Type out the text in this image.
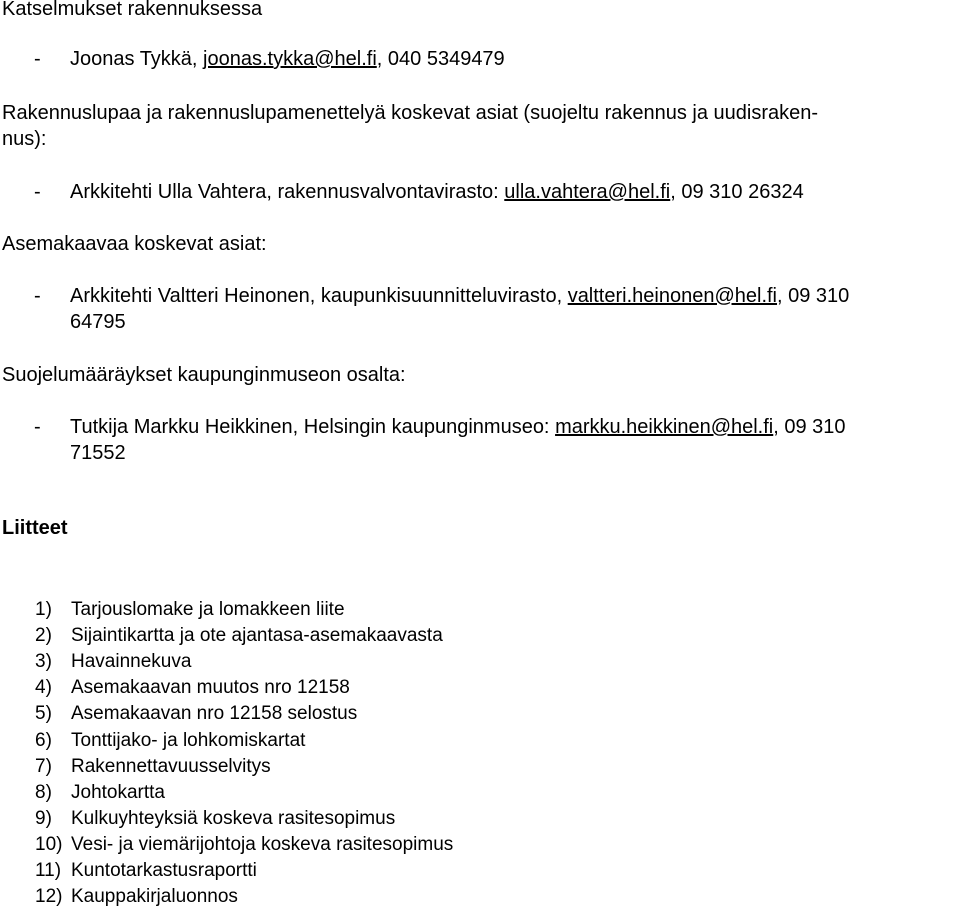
Katselmukset rakennuksessa
- Joonas Tykkä, joonas.tykka@hel.fi, 040 5349479
Rakennuslupaa ja rakennuslupamenettelyä koskevat asiat (suojeltu rakennus ja uudisraken-
nus):
- Arkkitehti Ulla Vahtera, rakennusvalvontavirasto: ulla.vahtera@hel.fi, 09 310 26324
Asemakaavaa koskevat asiat:
- Arkkitehti Valtteri Heinonen, kaupunkisuunnitteluvirasto, valtteri.heinonen@hel.fi, 09 310
64795
Suojelumääräykset kaupunginmuseon osalta:
- Tutkija Markku Heikkinen, Helsingin kaupunginmuseo: markku.heikkinen@hel.fi, 09 310
71552
Liitteet
1) Tarjouslomake ja lomakkeen liite
2) Sijaintikartta ja ote ajantasa-asemakaavasta
3) Havainnekuva
4) Asemakaavan muutos nro 12158
5) Asemakaavan nro 12158 selostus
6) Tonttijako- ja lohkomiskartat
7) Rakennettavuusselvitys
8) Johtokartta
9) Kulkuyhteyksiä koskeva rasitesopimus
10) Vesi- ja viemärijohtoja koskeva rasitesopimus
11) Kuntotarkastusraportti
12) Kauppakirjaluonnos
